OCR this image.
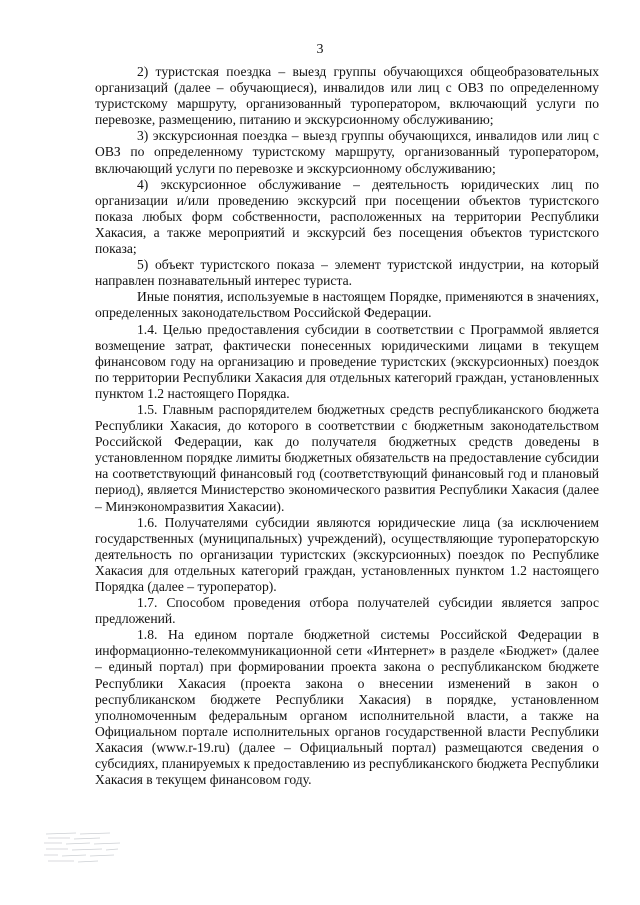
3

2) туристская поездка – выезд группы обучающихся общеобразовательных организаций (далее – обучающиеся), инвалидов или лиц с ОВЗ по определенному туристскому маршруту, организованный туроператором, включающий услуги по перевозке, размещению, питанию и экскурсионному обслуживанию;

3) экскурсионная поездка – выезд группы обучающихся, инвалидов или лиц с ОВЗ по определенному туристскому маршруту, организованный туроператором, включающий услуги по перевозке и экскурсионному обслуживанию;

4) экскурсионное обслуживание – деятельность юридических лиц по организации и/или проведению экскурсий при посещении объектов туристского показа любых форм собственности, расположенных на территории Республики Хакасия, а также мероприятий и экскурсий без посещения объектов туристского показа;

5) объект туристского показа – элемент туристской индустрии, на который направлен познавательный интерес туриста.

Иные понятия, используемые в настоящем Порядке, применяются в значениях, определенных законодательством Российской Федерации.

1.4. Целью предоставления субсидии в соответствии с Программой является возмещение затрат, фактически понесенных юридическими лицами в текущем финансовом году на организацию и проведение туристских (экскурсионных) поездок по территории Республики Хакасия для отдельных категорий граждан, установленных пунктом 1.2 настоящего Порядка.

1.5. Главным распорядителем бюджетных средств республиканского бюджета Республики Хакасия, до которого в соответствии с бюджетным законодательством Российской Федерации, как до получателя бюджетных средств доведены в установленном порядке лимиты бюджетных обязательств на предоставление субсидии на соответствующий финансовый год (соответствующий финансовый год и плановый период), является Министерство экономического развития Республики Хакасия (далее – Минэкономразвития Хакасии).

1.6. Получателями субсидии являются юридические лица (за исключением государственных (муниципальных) учреждений), осуществляющие туроператорскую деятельность по организации туристских (экскурсионных) поездок по Республике Хакасия для отдельных категорий граждан, установленных пунктом 1.2 настоящего Порядка (далее – туроператор).

1.7. Способом проведения отбора получателей субсидии является запрос предложений.

1.8. На едином портале бюджетной системы Российской Федерации в информационно-телекоммуникационной сети «Интернет» в разделе «Бюджет» (далее – единый портал) при формировании проекта закона о республиканском бюджете Республики Хакасия (проекта закона о внесении изменений в закон о республиканском бюджете Республики Хакасия) в порядке, установленном уполномоченным федеральным органом исполнительной власти, а также на Официальном портале исполнительных органов государственной власти Республики Хакасия (www.r-19.ru) (далее – Официальный портал) размещаются сведения о субсидиях, планируемых к предоставлению из республиканского бюджета Республики Хакасия в текущем финансовом году.
